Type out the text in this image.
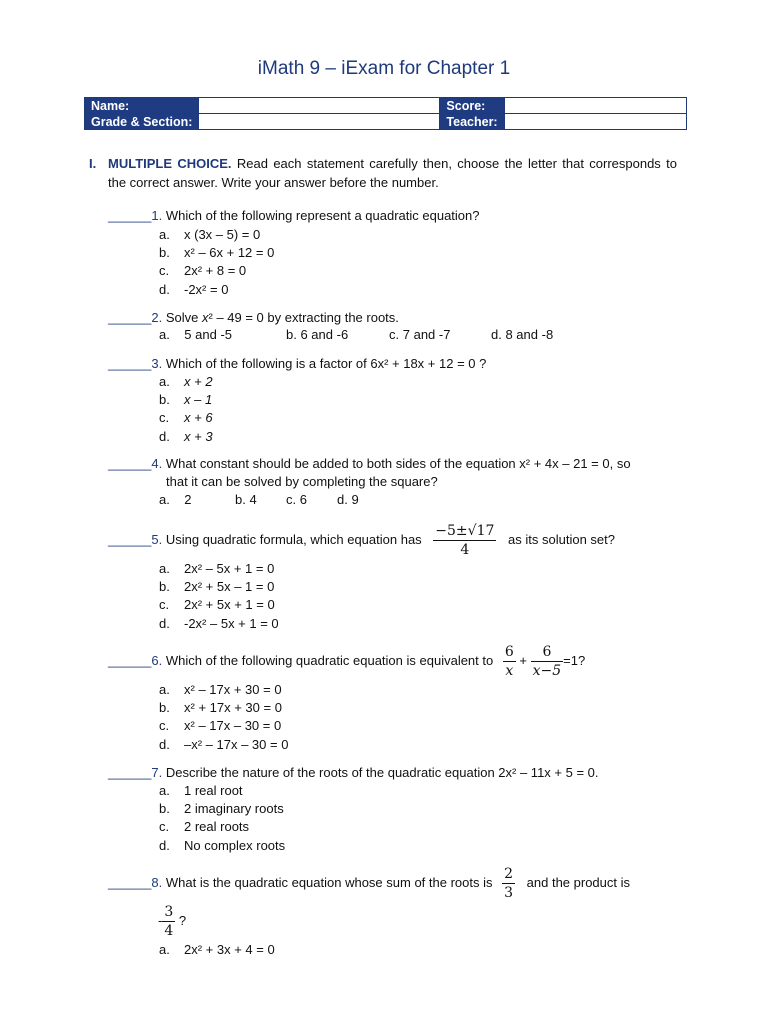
iMath 9 – iExam for Chapter 1
Name:		Score:	
Grade & Section:		Teacher:	
I. MULTIPLE CHOICE. Read each statement carefully then, choose the letter that corresponds to the correct answer. Write your answer before the number.
______1. Which of the following represent a quadratic equation?
a. x (3x – 5) = 0
b. x² – 6x + 12 = 0
c. 2x² + 8 = 0
d. -2x² = 0
______2. Solve x² – 49 = 0 by extracting the roots.
a. 5 and -5	b. 6 and -6	c. 7 and -7	d. 8 and -8
______3. Which of the following is a factor of 6x² + 18x + 12 = 0 ?
a. x + 2
b. x – 1
c. x + 6
d. x + 3
______4. What constant should be added to both sides of the equation x² + 4x – 21 = 0, so
that it can be solved by completing the square?
a. 2	b. 4 c. 6 d. 9
______5. Using quadratic formula, which equation has $\frac{-5\pm√17}{4}$ as its solution set?
a. 2x² – 5x + 1 = 0
b. 2x² + 5x – 1 = 0
c. 2x² + 5x + 1 = 0
d. -2x² – 5x + 1 = 0
______6. Which of the following quadratic equation is equivalent to $\frac{6}{x} + \frac{6}{x-5} =1$?
a. x² – 17x + 30 = 0
b. x² + 17x + 30 = 0
c. x² – 17x – 30 = 0
d. –x² – 17x – 30 = 0
______7. Describe the nature of the roots of the quadratic equation 2x² – 11x + 5 = 0.
a. 1 real root
b. 2 imaginary roots
c. 2 real roots
d. No complex roots
______8. What is the quadratic equation whose sum of the roots is $\frac{2}{3}$ and the product is
- $\frac{3}{4}$ ?
a. 2x² + 3x + 4 = 0
